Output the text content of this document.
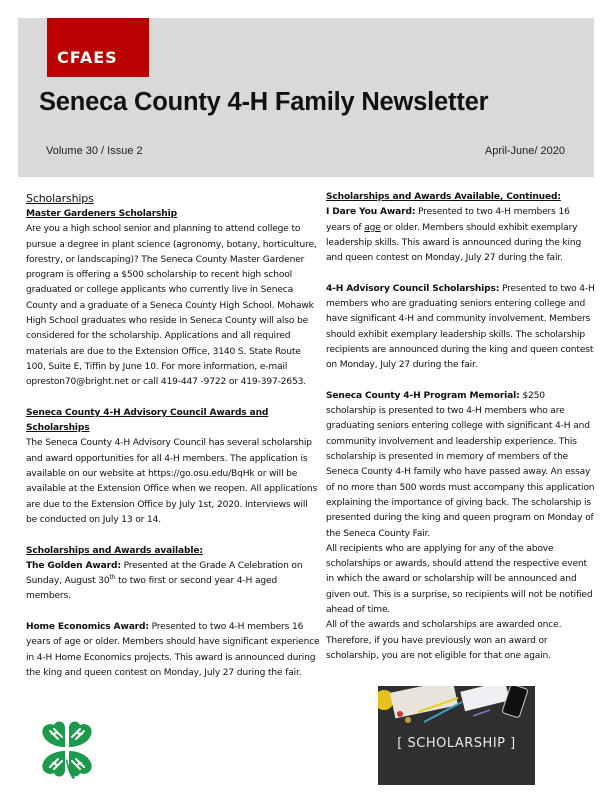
CFAES
Seneca County 4-H Family Newsletter
Volume 30 / Issue 2	April-June/ 2020

Scholarships

Master Gardeners Scholarship

Are you a high school senior and planning to attend college to pursue a degree in plant science (agronomy, botany, horticulture, forestry, or landscaping)? The Seneca County Master Gardener program is offering a $500 scholarship to recent high school graduated or college applicants who currently live in Seneca County and a graduate of a Seneca County High School. Mohawk High School graduates who reside in Seneca County will also be considered for the scholarship. Applications and all required materials are due to the Extension Office, 3140 S. State Route 100, Suite E, Tiffin by June 10. For more information, e-mail opreston70@bright.net or call 419-447 -9722 or 419-397-2653.

Seneca County 4-H Advisory Council Awards and Scholarships

The Seneca County 4-H Advisory Council has several scholarship and award opportunities for all 4-H members. The application is available on our website at https://go.osu.edu/BqHk or will be available at the Extension Office when we reopen. All applications are due to the Extension Office by July 1st, 2020. Interviews will be conducted on July 13 or 14.

Scholarships and Awards available:

The Golden Award: Presented at the Grade A Celebration on Sunday, August 30th to two first or second year 4-H aged members.

Home Economics Award: Presented to two 4-H members 16 years of age or older. Members should have significant experience in 4-H Home Economics projects. This award is announced during the king and queen contest on Monday, July 27 during the fair.

Scholarships and Awards Available, Continued:

I Dare You Award: Presented to two 4-H members 16 years of age or older. Members should exhibit exemplary leadership skills. This award is announced during the king and queen contest on Monday, July 27 during the fair.

4-H Advisory Council Scholarships: Presented to two 4-H members who are graduating seniors entering college and have significant 4-H and community involvement. Members should exhibit exemplary leadership skills. The scholarship recipients are announced during the king and queen contest on Monday, July 27 during the fair.

Seneca County 4-H Program Memorial: $250 scholarship is presented to two 4-H members who are graduating seniors entering college with significant 4-H and community involvement and leadership experience. This scholarship is presented in memory of members of the Seneca County 4-H family who have passed away. An essay of no more than 500 words must accompany this application explaining the importance of giving back. The scholarship is presented during the king and queen program on Monday of the Seneca County Fair.

All recipients who are applying for any of the above scholarships or awards, should attend the respective event in which the award or scholarship will be announced and given out. This is a surprise, so recipients will not be notified ahead of time.

All of the awards and scholarships are awarded once. Therefore, if you have previously won an award or scholarship, you are not eligible for that one again.

[ SCHOLARSHIP ]
